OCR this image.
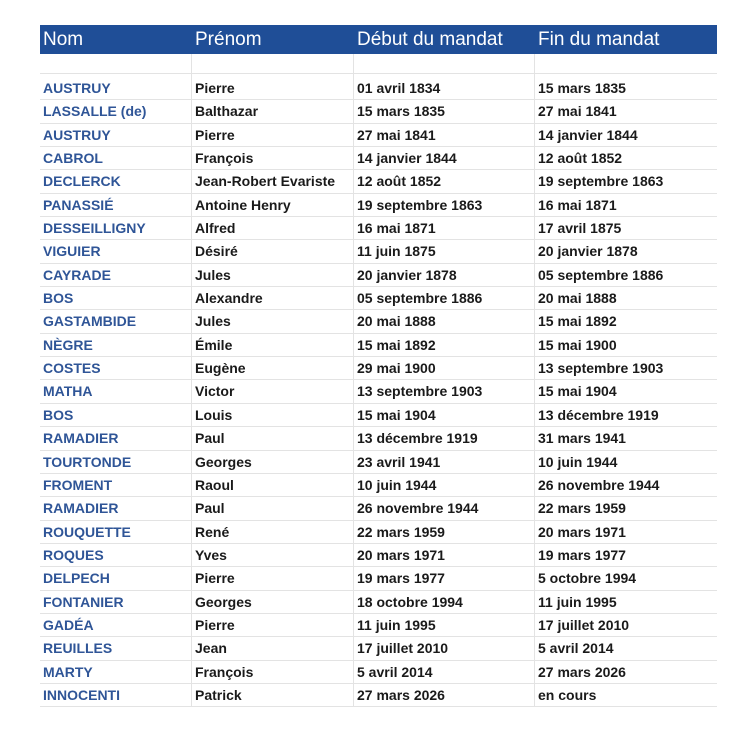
Nom	Prénom	Début du mandat	Fin du mandat
AUSTRUY	Pierre	01 avril 1834	15 mars 1835
LASSALLE (de)	Balthazar	15 mars 1835	27 mai 1841
AUSTRUY	Pierre	27 mai 1841	14 janvier 1844
CABROL	François	14 janvier 1844	12 août 1852
DECLERCK	Jean-Robert Evariste	12 août 1852	19 septembre 1863
PANASSIÉ	Antoine Henry	19 septembre 1863	16 mai 1871
DESSEILLIGNY	Alfred	16 mai 1871	17 avril 1875
VIGUIER	Désiré	11 juin 1875	20 janvier 1878
CAYRADE	Jules	20 janvier 1878	05 septembre 1886
BOS	Alexandre	05 septembre 1886	20 mai 1888
GASTAMBIDE	Jules	20 mai 1888	15 mai 1892
NÈGRE	Émile	15 mai 1892	15 mai 1900
COSTES	Eugène	29 mai 1900	13 septembre 1903
MATHA	Victor	13 septembre 1903	15 mai 1904
BOS	Louis	15 mai 1904	13 décembre 1919
RAMADIER	Paul	13 décembre 1919	31 mars 1941
TOURTONDE	Georges	23 avril 1941	10 juin 1944
FROMENT	Raoul	10 juin 1944	26 novembre 1944
RAMADIER	Paul	26 novembre 1944	22 mars 1959
ROUQUETTE	René	22 mars 1959	20 mars 1971
ROQUES	Yves	20 mars 1971	19 mars 1977
DELPECH	Pierre	19 mars 1977	5 octobre 1994
FONTANIER	Georges	18 octobre 1994	11 juin 1995
GADÉA	Pierre	11 juin 1995	17 juillet 2010
REUILLES	Jean	17 juillet 2010	5 avril 2014
MARTY	François	5 avril 2014	27 mars 2026
INNOCENTI	Patrick	27 mars 2026	en cours
